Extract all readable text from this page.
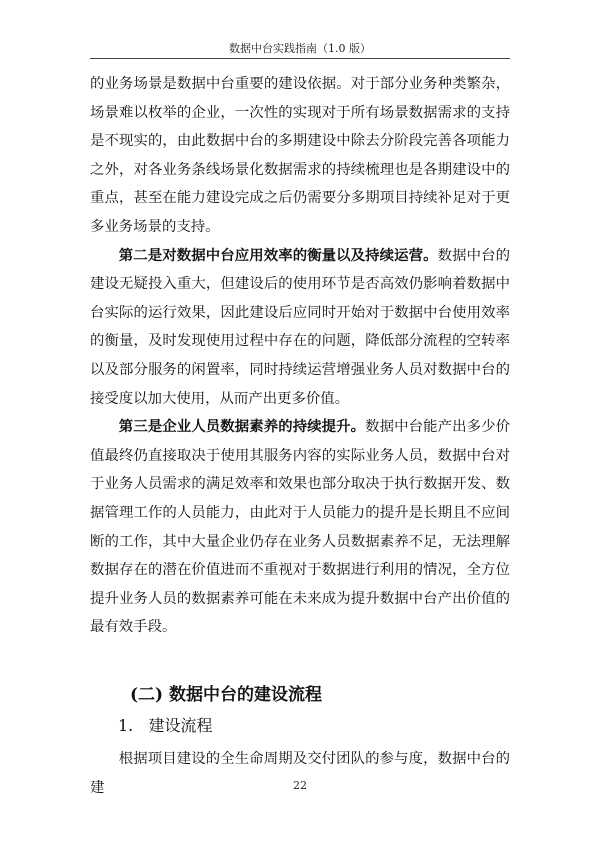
数据中台实践指南（1.0 版）

的业务场景是数据中台重要的建设依据。对于部分业务种类繁杂，场景难以枚举的企业，一次性的实现对于所有场景数据需求的支持是不现实的，由此数据中台的多期建设中除去分阶段完善各项能力之外，对各业务条线场景化数据需求的持续梳理也是各期建设中的重点，甚至在能力建设完成之后仍需要分多期项目持续补足对于更多业务场景的支持。

第二是对数据中台应用效率的衡量以及持续运营。数据中台的建设无疑投入重大，但建设后的使用环节是否高效仍影响着数据中台实际的运行效果，因此建设后应同时开始对于数据中台使用效率的衡量，及时发现使用过程中存在的问题，降低部分流程的空转率以及部分服务的闲置率，同时持续运营增强业务人员对数据中台的接受度以加大使用，从而产出更多价值。

第三是企业人员数据素养的持续提升。数据中台能产出多少价值最终仍直接取决于使用其服务内容的实际业务人员，数据中台对于业务人员需求的满足效率和效果也部分取决于执行数据开发、数据管理工作的人员能力，由此对于人员能力的提升是长期且不应间断的工作，其中大量企业仍存在业务人员数据素养不足，无法理解数据存在的潜在价值进而不重视对于数据进行利用的情况，全方位提升业务人员的数据素养可能在未来成为提升数据中台产出价值的最有效手段。

(二) 数据中台的建设流程
1.   建设流程

根据项目建设的全生命周期及交付团队的参与度，数据中台的建	22
